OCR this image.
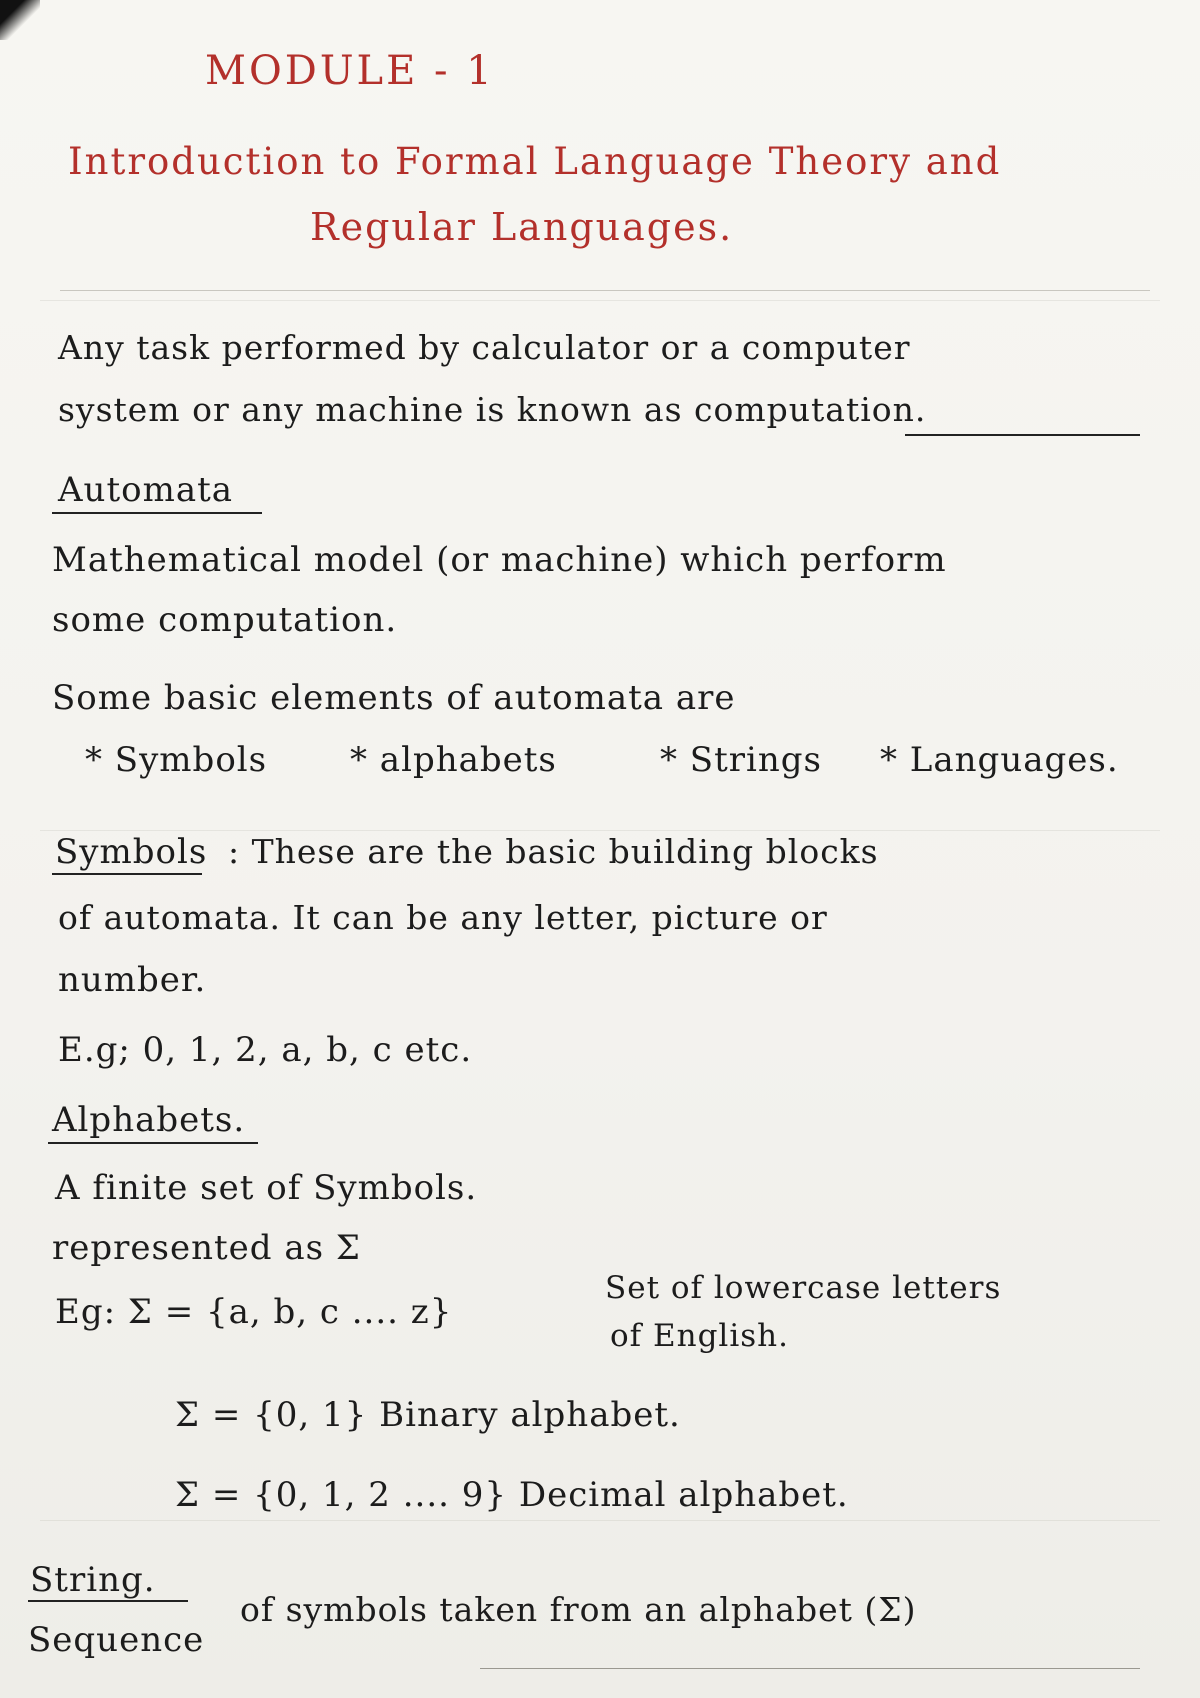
MODULE - 1
Introduction to Formal Language Theory and
Regular Languages.
Any task performed by calculator or a computer
system or any machine is known as computation.
Automata
Mathematical model (or machine) which perform
some computation.
Some basic elements of automata are
* Symbols * alphabets	* Strings * Languages.
Symbols : These are the basic building blocks
of automata. It can be any letter, picture or
number.
E.g; 0, 1, 2, a, b, c etc.
Alphabets.
A finite set of Symbols.
represented as Σ
Eg: Σ = {a, b, c .... z}
Set of lowercase letters
of English.
Σ = {0, 1} Binary alphabet.
Σ = {0, 1, 2 .... 9} Decimal alphabet.
String.
Sequence
of symbols taken from an alphabet (Σ)
